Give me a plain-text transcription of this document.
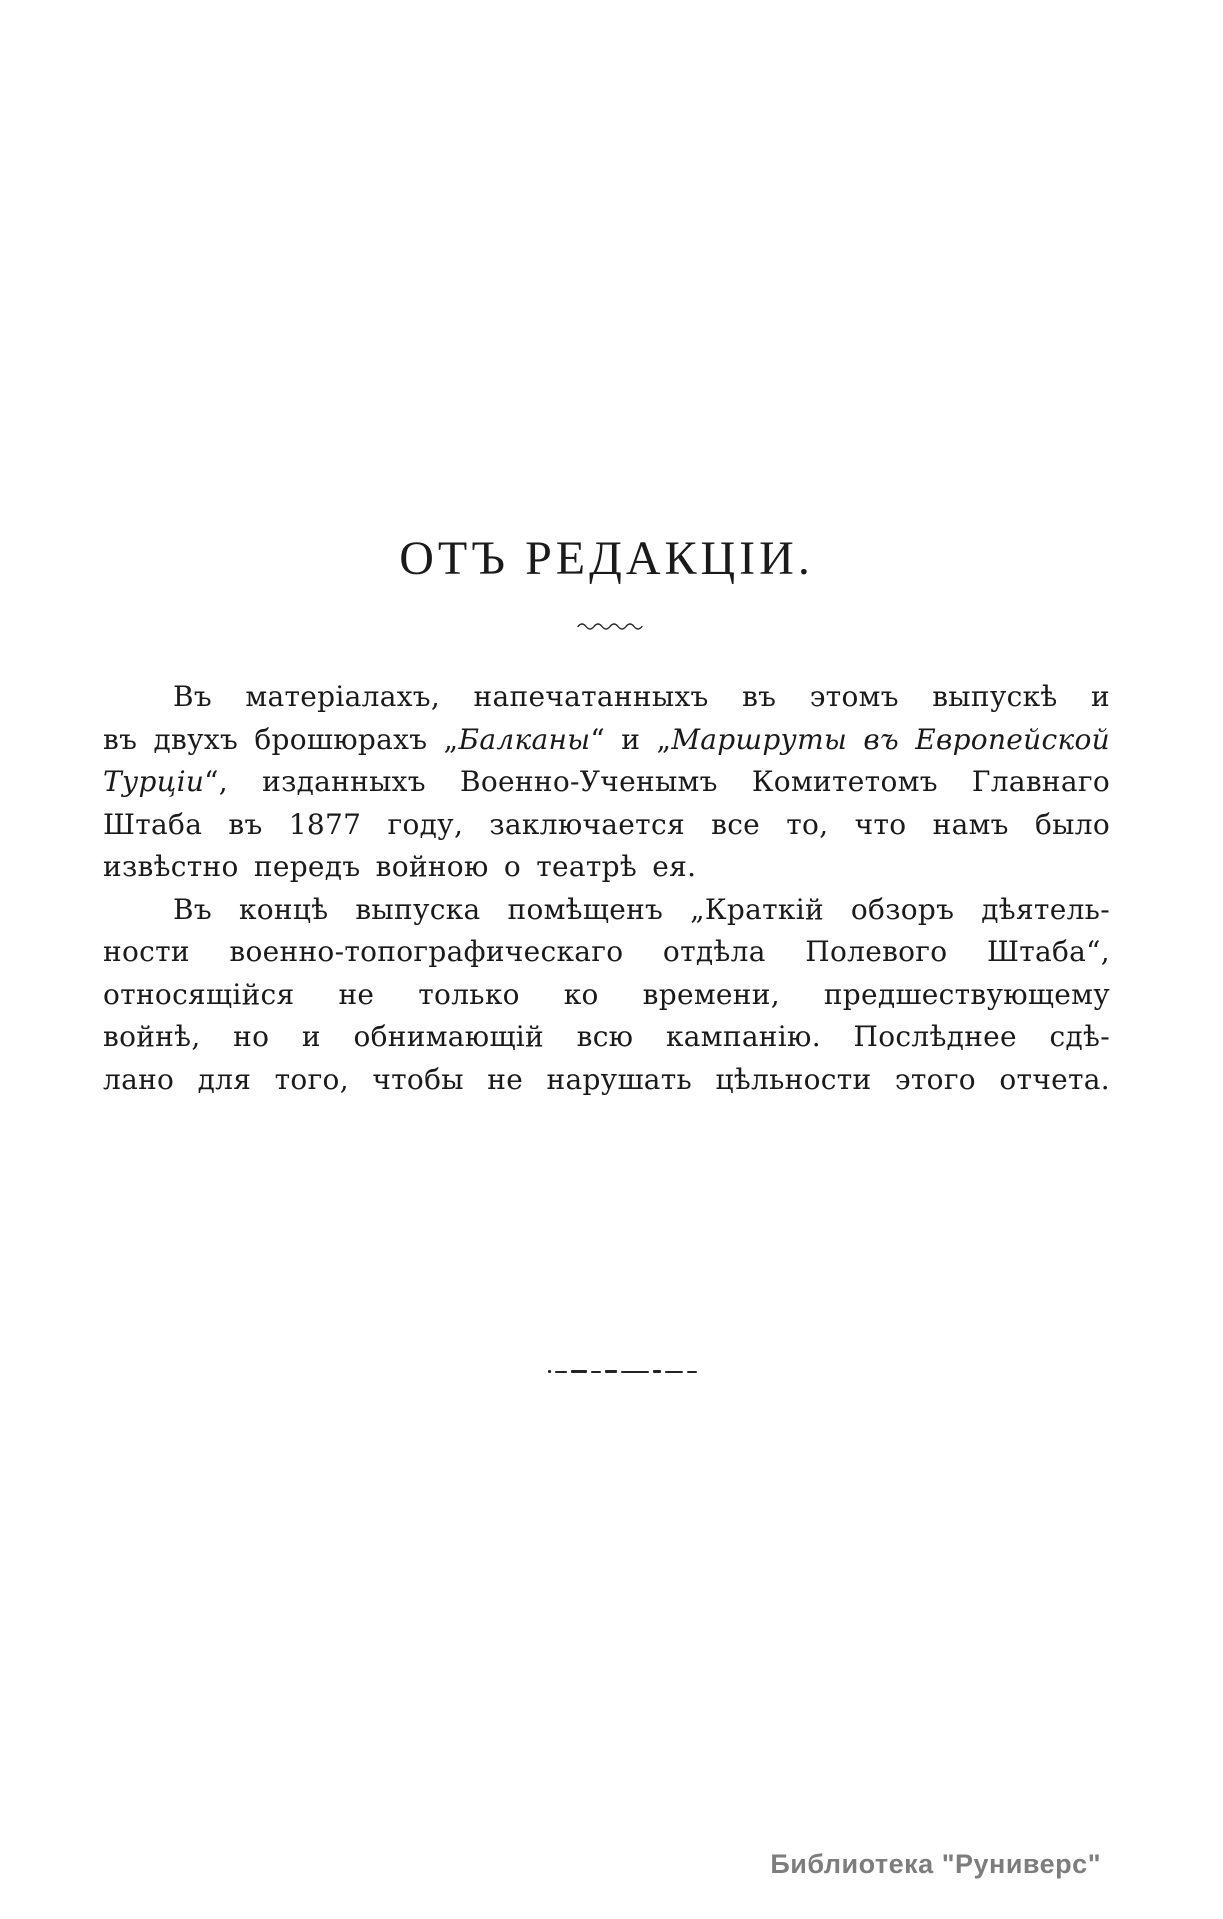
ОТЪ РЕДАКЦІИ.
Въ матеріалахъ, напечатанныхъ въ этомъ выпускѣ и
въ двухъ брошюрахъ „Балканы“ и „Маршруты въ Европейской
Турціи“, изданныхъ Военно-Ученымъ Комитетомъ Главнаго
Штаба въ 1877 году, заключается все то, что намъ было
извѣстно передъ войною о театрѣ ея.
Въ концѣ выпуска помѣщенъ „Краткій обзоръ дѣятель-
ности военно-топографическаго отдѣла Полевого Штаба“,
относящійся не только ко времени, предшествующему
войнѣ, но и обнимающій всю кампанію. Послѣднее сдѣ-
лано для того, чтобы не нарушать цѣльности этого отчета.
Библиотека "Руниверс"
